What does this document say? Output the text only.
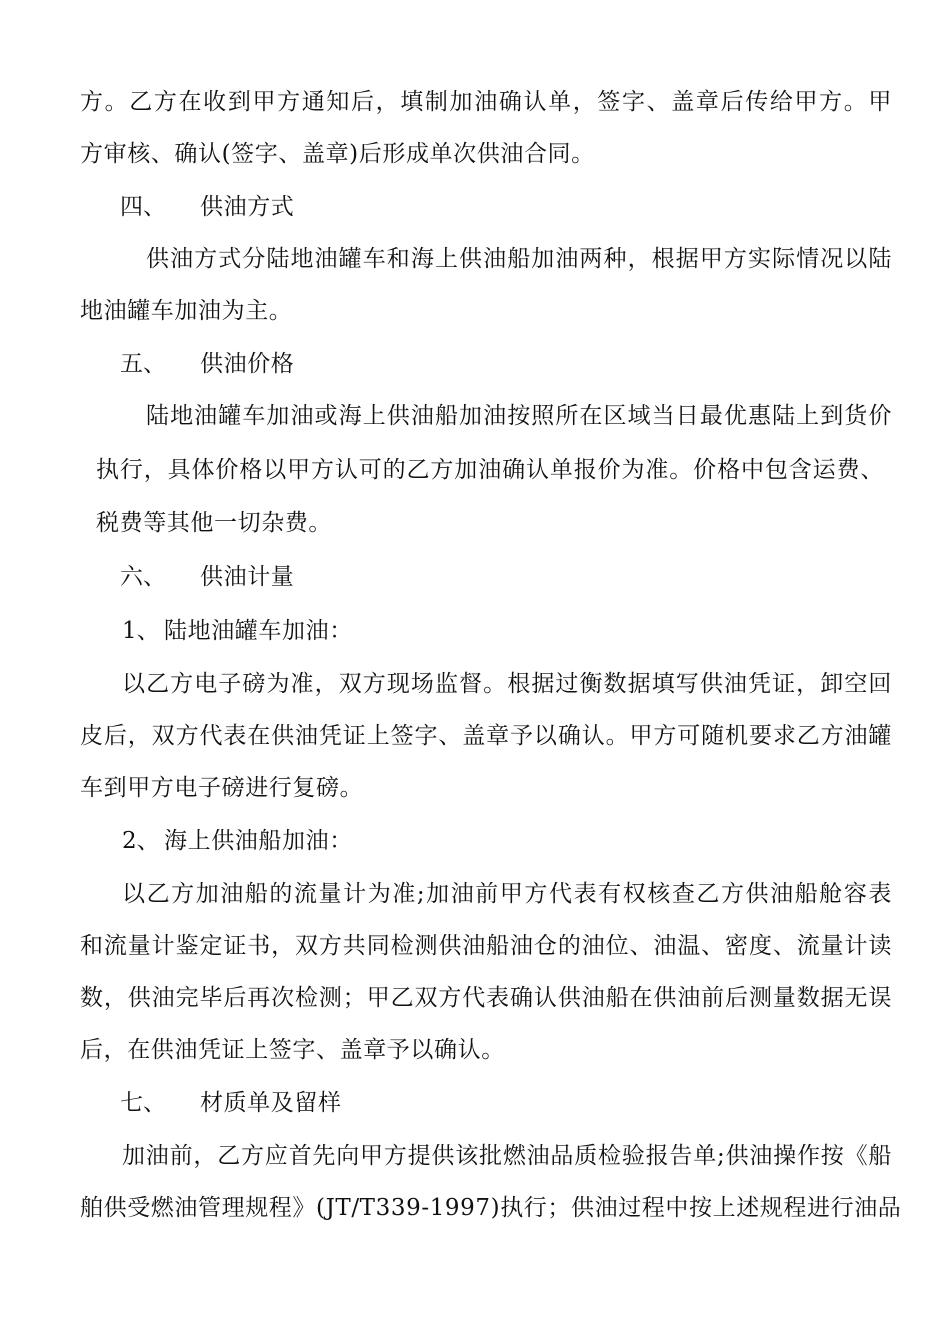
方。乙方在收到甲方通知后，填制加油确认单，签字、盖章后传给甲方。甲
方审核、确认(签字、盖章)后形成单次供油合同。
四、 供油方式
供油方式分陆地油罐车和海上供油船加油两种，根据甲方实际情况以陆
地油罐车加油为主。
五、 供油价格
陆地油罐车加油或海上供油船加油按照所在区域当日最优惠陆上到货价
执行，具体价格以甲方认可的乙方加油确认单报价为准。价格中包含运费、
税费等其他一切杂费。
六、 供油计量
1、 陆地油罐车加油：
以乙方电子磅为准，双方现场监督。根据过衡数据填写供油凭证，卸空回
皮后，双方代表在供油凭证上签字、盖章予以确认。甲方可随机要求乙方油罐
车到甲方电子磅进行复磅。
2、 海上供油船加油：
以乙方加油船的流量计为准;加油前甲方代表有权核查乙方供油船舱容表
和流量计鉴定证书，双方共同检测供油船油仓的油位、油温、密度、流量计读
数，供油完毕后再次检测；甲乙双方代表确认供油船在供油前后测量数据无误
后，在供油凭证上签字、盖章予以确认。
七、 材质单及留样
加油前，乙方应首先向甲方提供该批燃油品质检验报告单;供油操作按《船
舶供受燃油管理规程》(JT/T339-1997)执行；供油过程中按上述规程进行油品
